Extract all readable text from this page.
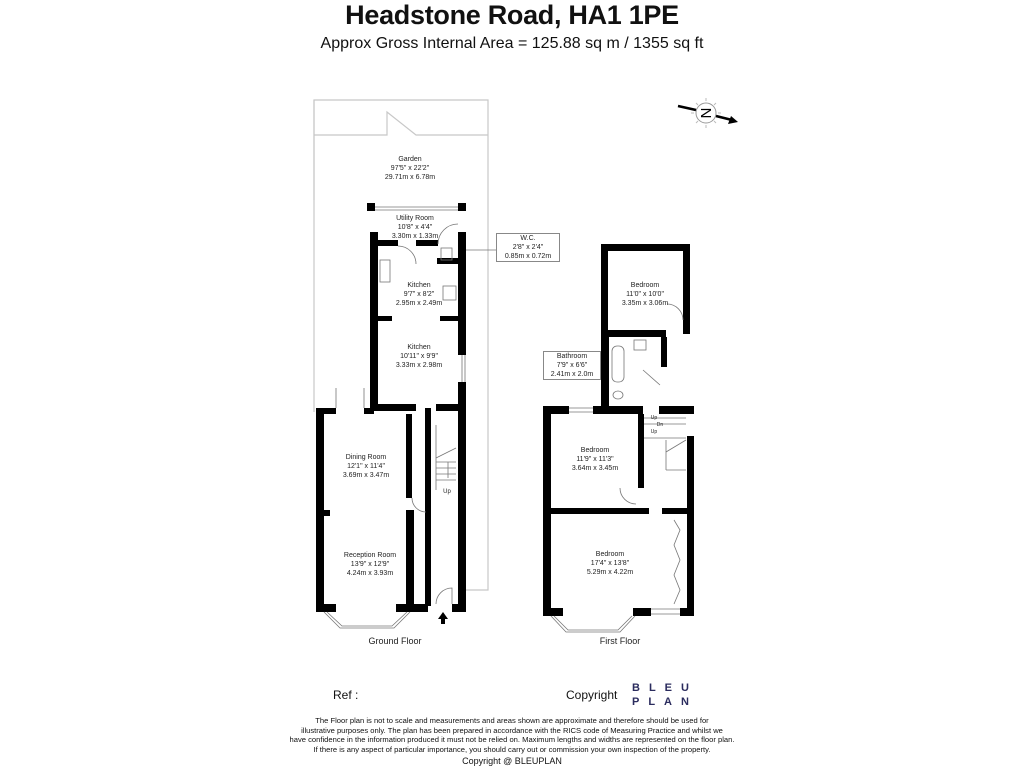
Headstone Road, HA1 1PE
Approx Gross Internal Area = 125.88 sq m / 1355 sq ft
N
Garden
97'5" x 22'2"
29.71m x 6.78m
Utility Room
10'8" x 4'4"
3.30m x 1.33m	W.C.
2'8" x 2'4"
0.85m x 0.72m
Kitchen
9'7" x 8'2"
2.95m x 2.49m
Kitchen
10'11" x 9'9"
3.33m x 2.98m
Dining Room
12'1" x 11'4"
3.69m x 3.47m
Reception Room
13'9" x 12'9"
4.24m x 3.93m
Up
Bedroom
11'0" x 10'0"
3.35m x 3.06m
Bathroom
7'9" x 6'6"
2.41m x 2.0m
Bedroom
11'9" x 11'3"
3.64m x 3.45m
Bedroom
17'4" x 13'8"
5.29m x 4.22m
Up
Dn
Up
Ground Floor	First Floor
Ref :	Copyright BLEU
PLAN
The Floor plan is not to scale and measurements and areas shown are approximate and therefore should be used for
illustrative purposes only. The plan has been prepared in accordance with the RICS code of Measuring Practice and whilst we
have confidence in the information produced it must not be relied on. Maximum lengths and widths are represented on the floor plan.
If there is any aspect of particular importance, you should carry out or commission your own inspection of the property.
Copyright @ BLEUPLAN
